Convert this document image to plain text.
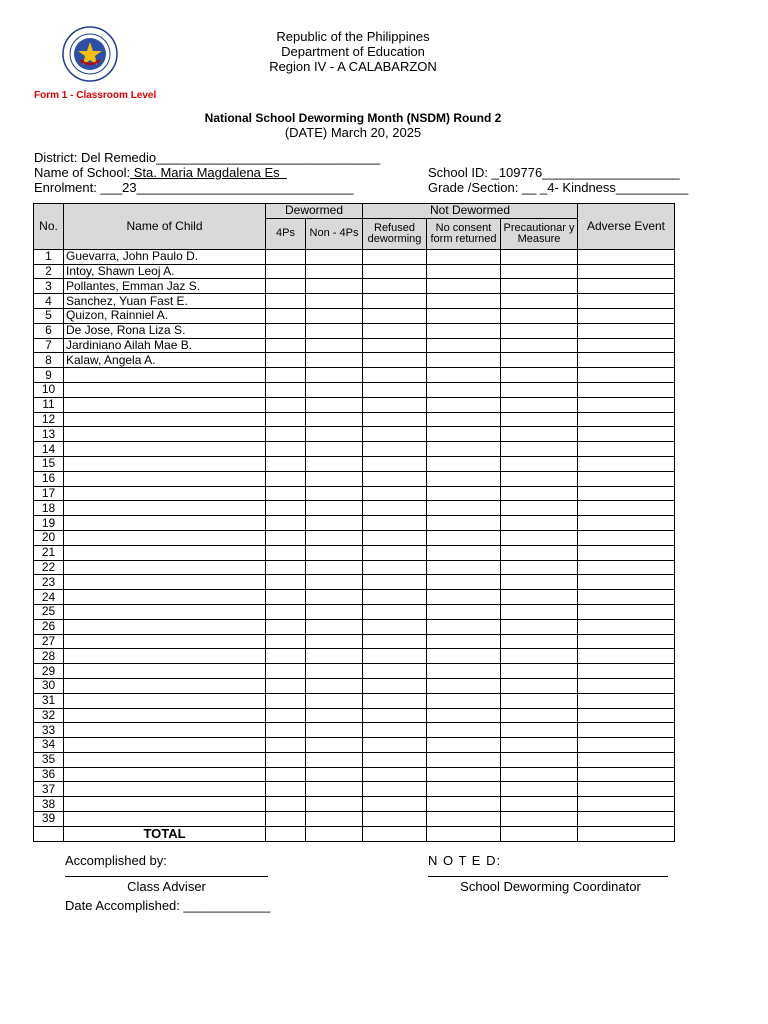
Republic of the Philippines
Department of Education
Region IV - A CALABARZON
Form 1 - Classroom Level
National School Deworming Month (NSDM) Round 2
(DATE) March 20, 2025
District: Del Remedio_______________________________
Name of School: Sta. Maria Magdalena Es
Enrolment: ___23______________________________
School ID: _109776___________________
Grade /Section: __ _4- Kindness__________
No.	Name of Child	Dewormed		Not Dewormed			Adverse Event
		4Ps	Non - 4Ps	Refused deworming	No consent form returned	Precautionar y Measure	
1	Guevarra, John Paulo D.						
2	Intoy, Shawn Leoj A.						
3	Pollantes, Emman Jaz S.						
4	Sanchez, Yuan Fast E.						
5	Quizon, Rainniel A.						
6	De Jose, Rona Liza S.						
7	Jardiniano Ailah Mae B.						
8	Kalaw, Angela A.						
9							
10							
11							
12							
13							
14							
15							
16							
17							
18							
19							
20							
21							
22							
23							
24							
25							
26							
27							
28							
29							
30							
31							
32							
33							
34							
35							
36							
37							
38							
39							
	TOTAL						
Accomplished by:
Class Adviser
Date Accomplished: ____________
N O T E D:
School Deworming Coordinator
